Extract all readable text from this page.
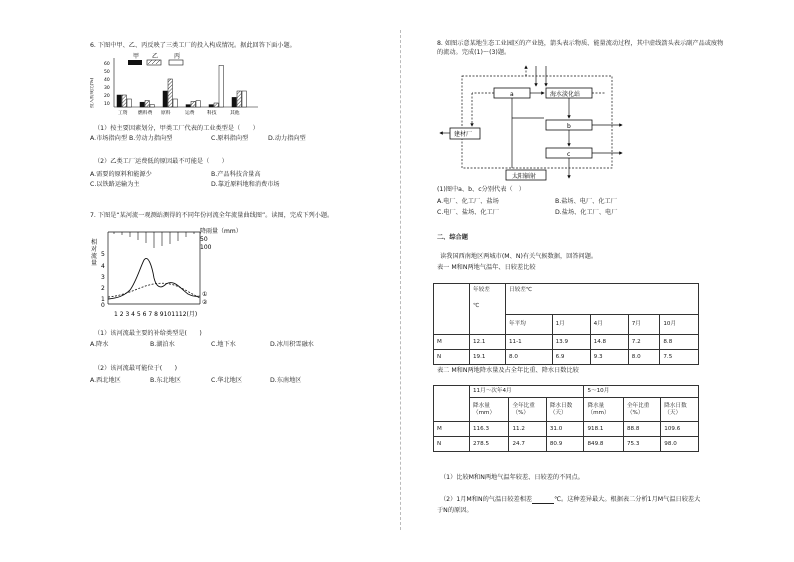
6. 下图中甲、乙、丙反映了三类工厂的投入构成情况。据此回答下面小题。
甲 乙	丙
投入构成比(%)
60
50
40
30
20
10
工资 燃料费 原料	运费	科技	其他
（1）按主要因素划分，甲类工厂代表的工业类型是（　　）
A.市场指向型 B.劳动力指向型	C.原料指向型	D.动力指向型
（2）乙类工厂运费低的原因最不可能是（　　）
A.需要的原料和能源少	B.产品科技含量高
C.以铁路运输为主	D.靠近原料地和消费市场
7. 下图是“某河流一观测站测得的不同年份河流全年流量曲线图”。读图，完成下列小题。
相
对
流
量
降雨量（mm）
50
100
5
4
3
2
1
0
①
②
1 2 3 4 5 6 7 8 9101112(月)
（1）该河流最主要的补给类型是(　　)
A.降水	B.湖泊水	C.地下水	D.冰川积雪融水
（2）该河流最可能位于(　　)
A.西北地区	B.东北地区	C.华北地区	D.东南地区
8. 如图示意某地生态工业园区的产业链，箭头表示物质、能量流动过程，其中虚线箭头表示副产品或废物
的流动。完成(1)～(3)题。
a	海水淡化站
b
c
建材厂
太阳辐射
(1)图中a、b、c分别代表（　）
A.电厂、化工厂、盐场	B.盐场、电厂、化工厂
C.电厂、盐场、化工厂	D.盐场、化工厂、电厂
二、综合题
读我国西南地区两城市(M、N)有关气候数据，回答问题。
表一 M和N两地气温年、日较差比较

	年较差
℃	日较差℃				
		年平均	1月	4月	7月	10月
M	12.1	11-1	13.9	14.8	7.2	8.8
N	19.1	8.0	6.9	9.3	8.0	7.5
表二 M和N两地降水量及占全年比重、降水日数比较
	11月～次年4月			5～10月		
	降水量（mm）	全年比重（%）	降水日数（天）	降水量（mm）	全年比重（%）	降水日数（天）
M	116.3	11.2	31.0	918.1	88.8	109.6
N	278.5	24.7	80.9	849.8	75.3	98.0
（1）比较M和N两地气温年较差、日较差的不同点。
（2）1月M和N的气温日较差相差	℃。这种差异最大。根据表二分析1月M气温日较差大
于N的原因。
